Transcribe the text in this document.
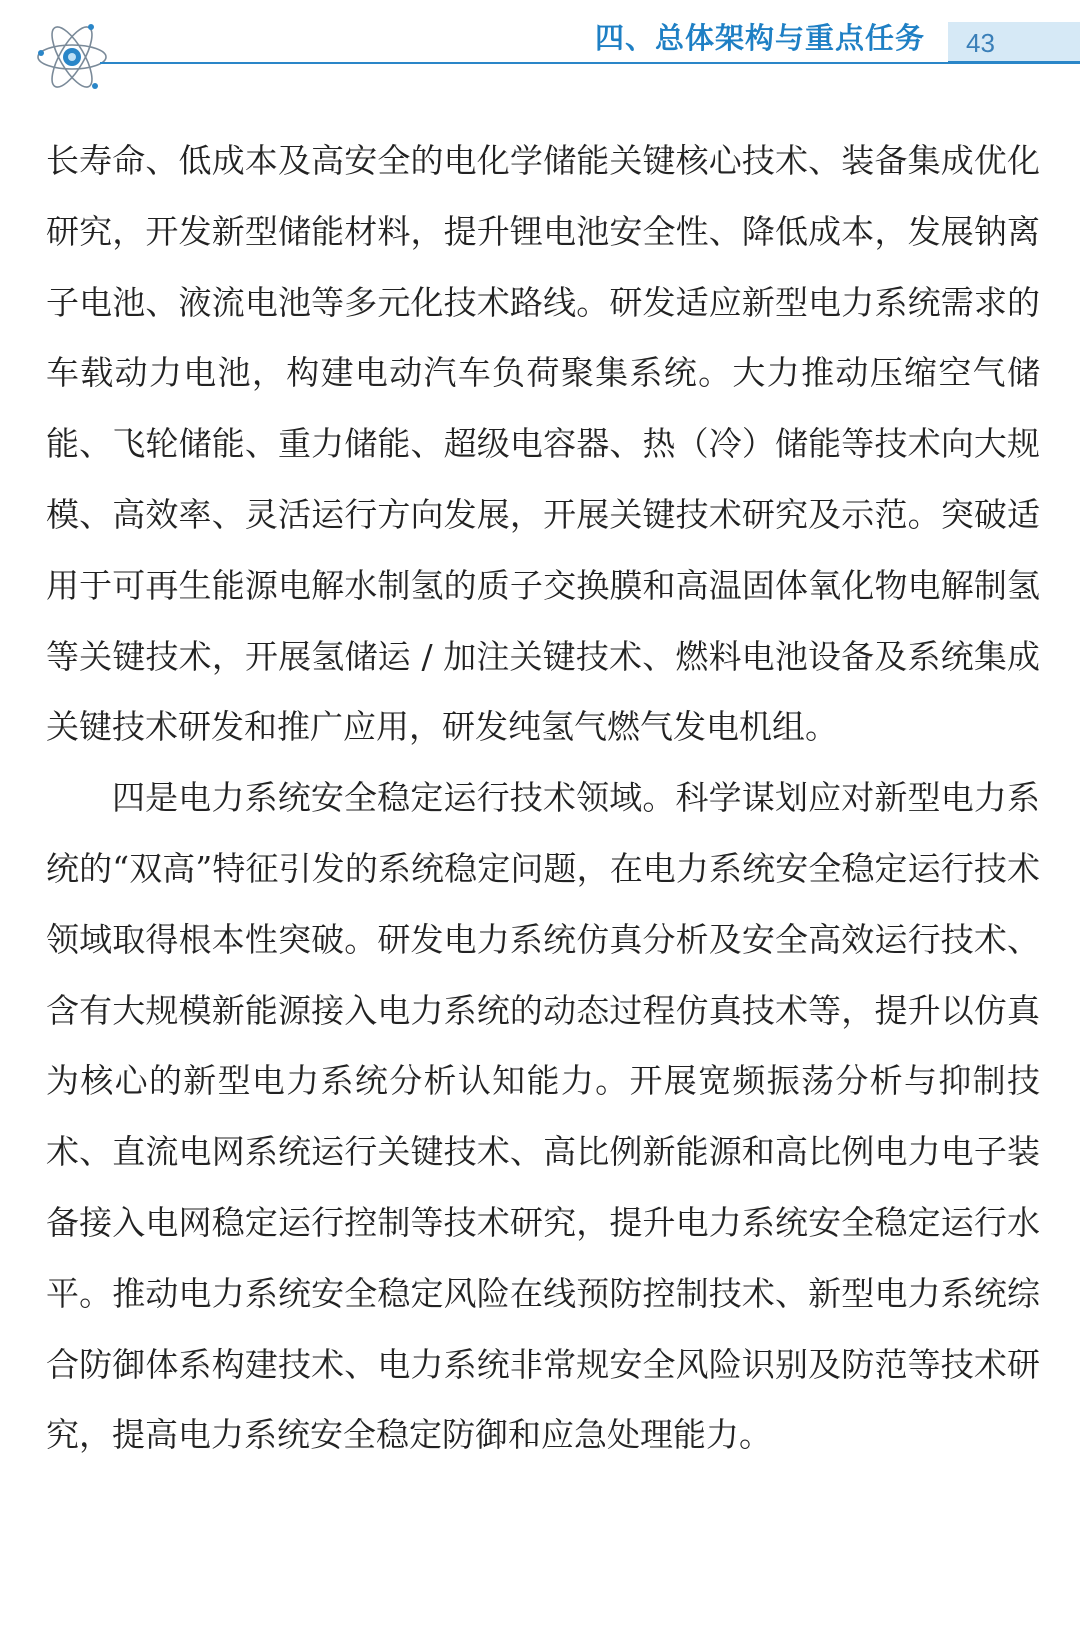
四、总体架构与重点任务 43

长寿命、低成本及高安全的电化学储能关键核心技术、装备集成优化研究，开发新型储能材料，提升锂电池安全性、降低成本，发展钠离子电池、液流电池等多元化技术路线。研发适应新型电力系统需求的车载动力电池，构建电动汽车负荷聚集系统。大力推动压缩空气储能、飞轮储能、重力储能、超级电容器、热（冷）储能等技术向大规模、高效率、灵活运行方向发展，开展关键技术研究及示范。突破适用于可再生能源电解水制氢的质子交换膜和高温固体氧化物电解制氢等关键技术，开展氢储运 / 加注关键技术、燃料电池设备及系统集成关键技术研发和推广应用，研发纯氢气燃气发电机组。

四是电力系统安全稳定运行技术领域。科学谋划应对新型电力系统的“双高”特征引发的系统稳定问题，在电力系统安全稳定运行技术领域取得根本性突破。研发电力系统仿真分析及安全高效运行技术、含有大规模新能源接入电力系统的动态过程仿真技术等，提升以仿真为核心的新型电力系统分析认知能力。开展宽频振荡分析与抑制技术、直流电网系统运行关键技术、高比例新能源和高比例电力电子装备接入电网稳定运行控制等技术研究，提升电力系统安全稳定运行水平。推动电力系统安全稳定风险在线预防控制技术、新型电力系统综合防御体系构建技术、电力系统非常规安全风险识别及防范等技术研究，提高电力系统安全稳定防御和应急处理能力。
